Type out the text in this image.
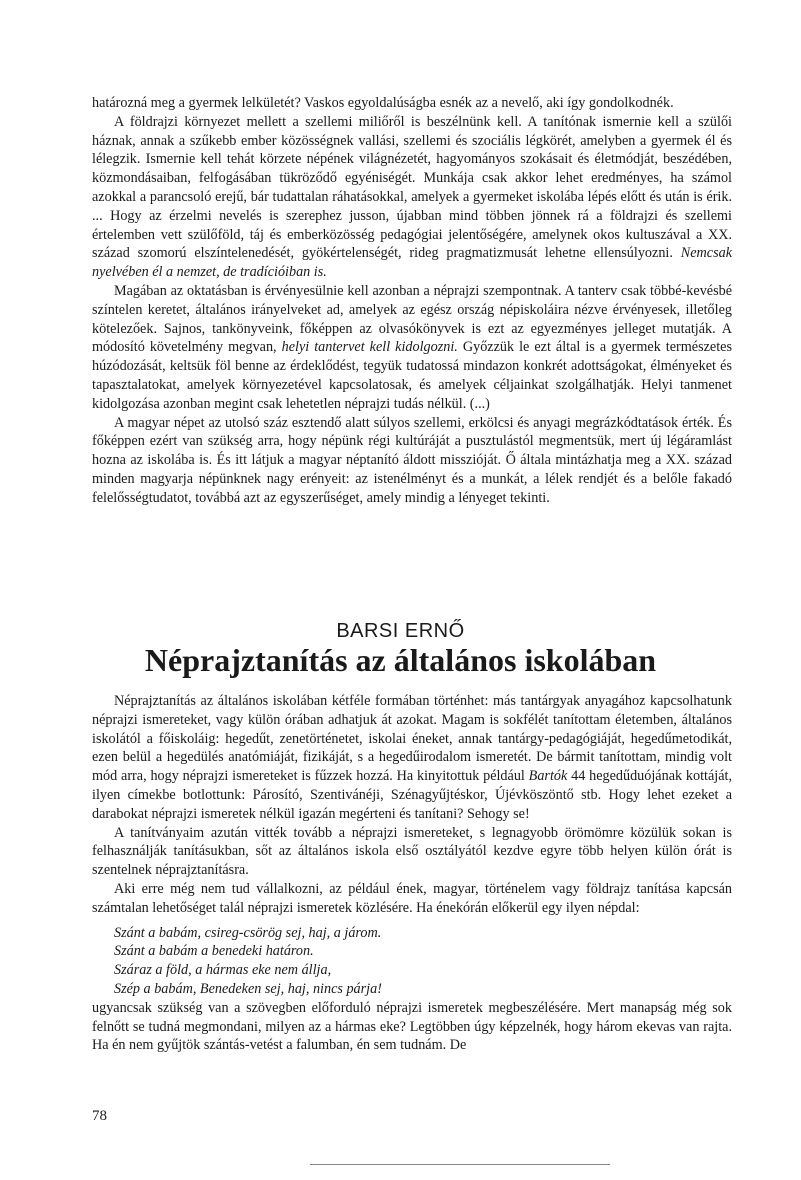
határozná meg a gyermek lelkületét? Vaskos egyoldalúságba esnék az a nevelő, aki így gondolkodnék.

A földrajzi környezet mellett a szellemi miliőről is beszélnünk kell. A tanítónak ismernie kell a szülői háznak, annak a szűkebb ember közösségnek vallási, szellemi és szociális légkörét, amelyben a gyermek él és lélegzik. Ismernie kell tehát körzete népének világnézetét, hagyományos szokásait és életmódját, beszédében, közmondásaiban, felfogásában tükröződő egyéniségét. Munkája csak akkor lehet eredményes, ha számol azokkal a parancsoló erejű, bár tudattalan ráhatásokkal, amelyek a gyermeket iskolába lépés előtt és után is érik. ... Hogy az érzelmi nevelés is szerephez jusson, újabban mind többen jönnek rá a földrajzi és szellemi értelemben vett szülőföld, táj és emberközösség pedagógiai jelentőségére, amelynek okos kultuszával a XX. század szomorú elszíntelenedését, gyökértelenségét, rideg pragmatizmusát lehetne ellensúlyozni. Nemcsak nyelvében él a nemzet, de tradícióiban is.

Magában az oktatásban is érvényesülnie kell azonban a néprajzi szempontnak. A tanterv csak többé-kevésbé színtelen keretet, általános irányelveket ad, amelyek az egész ország népiskoláira nézve érvényesek, illetőleg kötelezőek. Sajnos, tankönyveink, főképpen az olvasókönyvek is ezt az egyezményes jelleget mutatják. A módosító követelmény megvan, helyi tantervet kell kidolgozni. Győzzük le ezt által is a gyermek természetes húzódozását, keltsük föl benne az érdeklődést, tegyük tudatossá mindazon konkrét adottságokat, élményeket és tapasztalatokat, amelyek környezetével kapcsolatosak, és amelyek céljainkat szolgálhatják. Helyi tanmenet kidolgozása azonban megint csak lehetetlen néprajzi tudás nélkül. (...)

A magyar népet az utolsó száz esztendő alatt súlyos szellemi, erkölcsi és anyagi megrázkódtatások érték. És főképpen ezért van szükség arra, hogy népünk régi kultúráját a pusztulástól megmentsük, mert új légáramlást hozna az iskolába is. És itt látjuk a magyar néptanító áldott misszióját. Ő általa mintázhatja meg a XX. század minden magyarja népünknek nagy erényeit: az istenélményt és a munkát, a lélek rendjét és a belőle fakadó felelősségtudatot, továbbá azt az egyszerűséget, amely mindig a lényeget tekinti.

BARSI ERNŐ
Néprajztanítás az általános iskolában

Néprajztanítás az általános iskolában kétféle formában történhet: más tantárgyak anyagához kapcsolhatunk néprajzi ismereteket, vagy külön órában adhatjuk át azokat. Magam is sokfélét tanítottam életemben, általános iskolától a főiskoláig: hegedűt, zenetörténetet, iskolai éneket, annak tantárgy-pedagógiáját, hegedűmetodikát, ezen belül a hegedülés anatómiáját, fizikáját, s a hegedűirodalom ismeretét. De bármit tanítottam, mindig volt mód arra, hogy néprajzi ismereteket is fűzzek hozzá. Ha kinyitottuk például Bartók 44 hegedűduójának kottáját, ilyen címekbe botlottunk: Párosító, Szentivánéji, Szénagyűjtéskor, Újévköszöntő stb. Hogy lehet ezeket a darabokat néprajzi ismeretek nélkül igazán megérteni és tanítani? Sehogy se!

A tanítványaim azután vitték tovább a néprajzi ismereteket, s legnagyobb örömömre közülük sokan is felhasználják tanításukban, sőt az általános iskola első osztályától kezdve egyre több helyen külön órát is szentelnek néprajztanításra.

Aki erre még nem tud vállalkozni, az például ének, magyar, történelem vagy földrajz tanítása kapcsán számtalan lehetőséget talál néprajzi ismeretek közlésére. Ha énekórán előkerül egy ilyen népdal:

Szánt a babám, csireg-csörög sej, haj, a járom.
Szánt a babám a benedeki határon.
Száraz a föld, a hármas eke nem állja,
Szép a babám, Benedeken sej, haj, nincs párja!

ugyancsak szükség van a szövegben előforduló néprajzi ismeretek megbeszélésére. Mert manapság még sok felnőtt se tudná megmondani, milyen az a hármas eke? Legtöbben úgy képzelnék, hogy három ekevas van rajta. Ha én nem gyűjtök szántás-vetést a falumban, én sem tudnám. De

78
